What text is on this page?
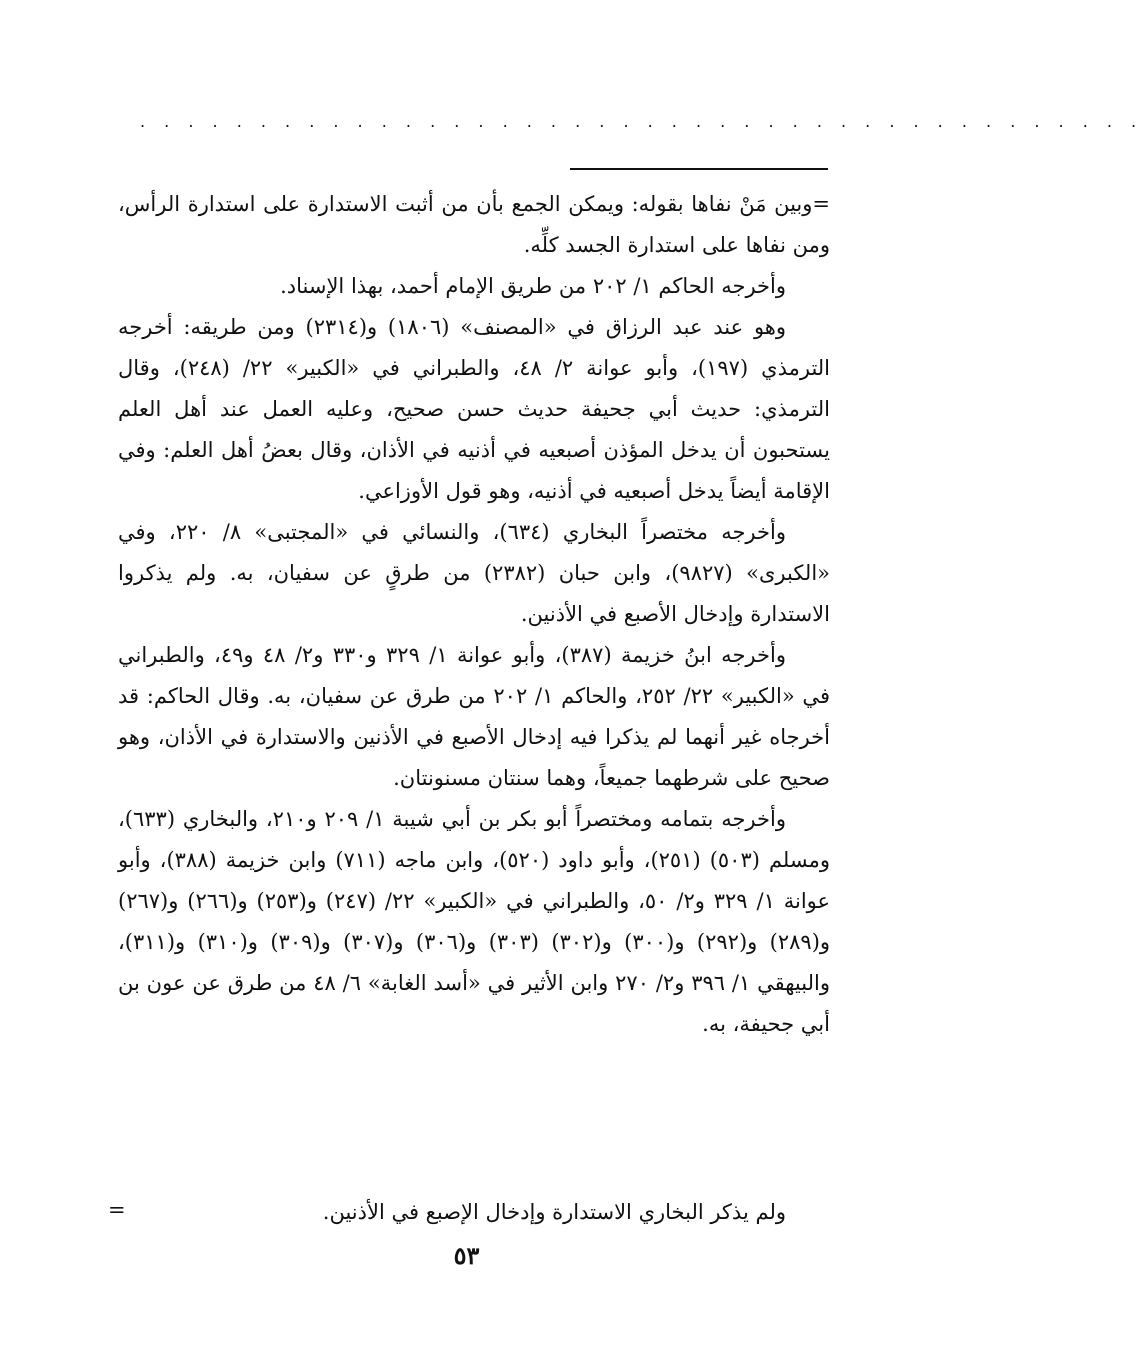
. . . . . . . . . . . . . . . . . . . . . . . . . . . . . . . . . . . . . . . . . .

=وبين مَنْ نفاها بقوله: ويمكن الجمع بأن من أثبت الاستدارة على استدارة الرأس، ومن نفاها على استدارة الجسد كلِّه.

وأخرجه الحاكم ١/ ٢٠٢ من طريق الإمام أحمد، بهذا الإسناد.

وهو عند عبد الرزاق في «المصنف» (١٨٠٦) و(٢٣١٤) ومن طريقه: أخرجه الترمذي (١٩٧)، وأبو عوانة ٢/ ٤٨، والطبراني في «الكبير» ٢٢/ (٢٤٨)، وقال الترمذي: حديث أبي جحيفة حديث حسن صحيح، وعليه العمل عند أهل العلم يستحبون أن يدخل المؤذن أصبعيه في أذنيه في الأذان، وقال بعضُ أهل العلم: وفي الإقامة أيضاً يدخل أصبعيه في أذنيه، وهو قول الأوزاعي.

وأخرجه مختصراً البخاري (٦٣٤)، والنسائي في «المجتبى» ٨/ ٢٢٠، وفي «الكبرى» (٩٨٢٧)، وابن حبان (٢٣٨٢) من طرقٍ عن سفيان، به. ولم يذكروا الاستدارة وإدخال الأصبع في الأذنين.

وأخرجه ابنُ خزيمة (٣٨٧)، وأبو عوانة ١/ ٣٢٩ و٣٣٠ و٢/ ٤٨ و٤٩، والطبراني في «الكبير» ٢٢/ ٢٥٢، والحاكم ١/ ٢٠٢ من طرق عن سفيان، به. وقال الحاكم: قد أخرجاه غير أنهما لم يذكرا فيه إدخال الأصبع في الأذنين والاستدارة في الأذان، وهو صحيح على شرطهما جميعاً، وهما سنتان مسنونتان.

وأخرجه بتمامه ومختصراً أبو بكر بن أبي شيبة ١/ ٢٠٩ و٢١٠، والبخاري (٦٣٣)، ومسلم (٥٠٣) (٢٥١)، وأبو داود (٥٢٠)، وابن ماجه (٧١١) وابن خزيمة (٣٨٨)، وأبو عوانة ١/ ٣٢٩ و٢/ ٥٠، والطبراني في «الكبير» ٢٢/ (٢٤٧) و(٢٥٣) و(٢٦٦) و(٢٦٧) و(٢٨٩) و(٢٩٢) و(٣٠٠) و(٣٠٢) (٣٠٣) و(٣٠٦) و(٣٠٧) و(٣٠٩) و(٣١٠) و(٣١١)، والبيهقي ١/ ٣٩٦ و٢/ ٢٧٠ وابن الأثير في «أسد الغابة» ٦/ ٤٨ من طرق عن عون بن أبي جحيفة، به.

ولم يذكر البخاري الاستدارة وإدخال الإصبع في الأذنين.
=
٥٣
